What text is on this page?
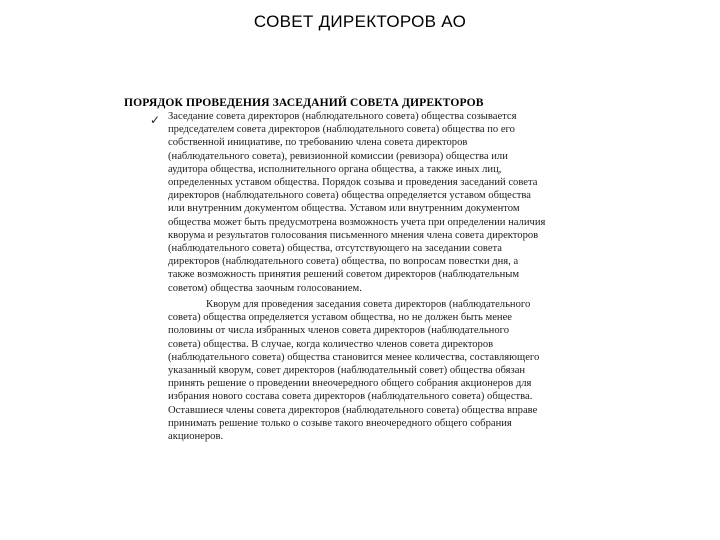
СОВЕТ ДИРЕКТОРОВ АО
ПОРЯДОК ПРОВЕДЕНИЯ ЗАСЕДАНИЙ СОВЕТА ДИРЕКТОРОВ
✓ Заседание совета директоров (наблюдательного совета) общества созывается
председателем совета директоров (наблюдательного совета) общества по его
собственной инициативе, по требованию члена совета директоров
(наблюдательного совета), ревизионной комиссии (ревизора) общества или
аудитора общества, исполнительного органа общества, а также иных лиц,
определенных уставом общества. Порядок созыва и проведения заседаний совета
директоров (наблюдательного совета) общества определяется уставом общества
или внутренним документом общества. Уставом или внутренним документом
общества может быть предусмотрена возможность учета при определении наличия
кворума и результатов голосования письменного мнения члена совета директоров
(наблюдательного совета) общества, отсутствующего на заседании совета
директоров (наблюдательного совета) общества, по вопросам повестки дня, а
также возможность принятия решений советом директоров (наблюдательным
советом) общества заочным голосованием.
Кворум для проведения заседания совета директоров (наблюдательного
совета) общества определяется уставом общества, но не должен быть менее
половины от числа избранных членов совета директоров (наблюдательного
совета) общества. В случае, когда количество членов совета директоров
(наблюдательного совета) общества становится менее количества, составляющего
указанный кворум, совет директоров (наблюдательный совет) общества обязан
принять решение о проведении внеочередного общего собрания акционеров для
избрания нового состава совета директоров (наблюдательного совета) общества.
Оставшиеся члены совета директоров (наблюдательного совета) общества вправе
принимать решение только о созыве такого внеочередного общего собрания
акционеров.
